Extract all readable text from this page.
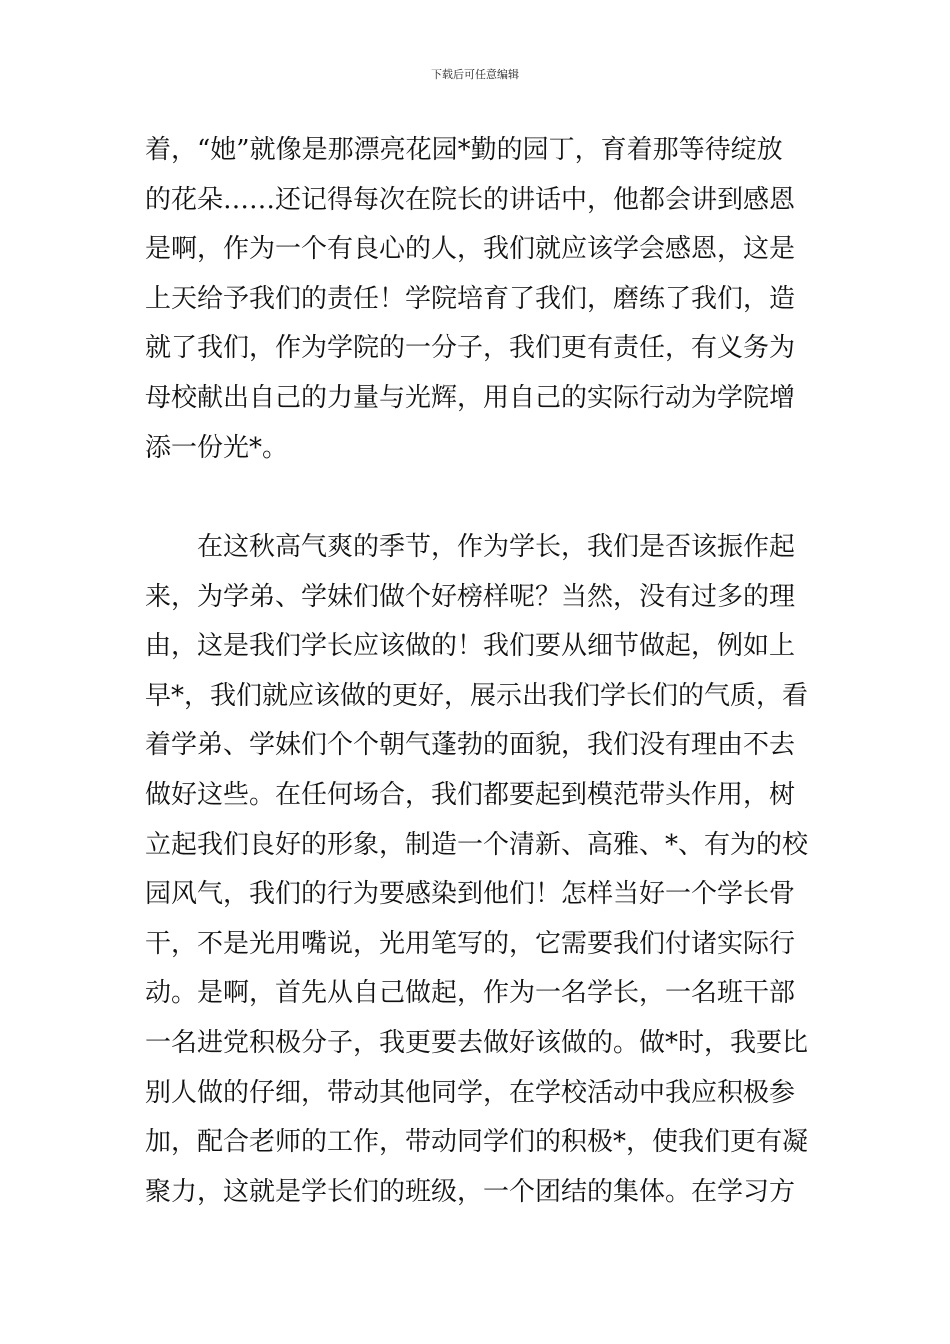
下载后可任意编辑
着，“她”就像是那漂亮花园*勤的园丁，育着那等待绽放
的花朵……还记得每次在院长的讲话中，他都会讲到感恩
是啊，作为一个有良心的人，我们就应该学会感恩，这是
上天给予我们的责任！学院培育了我们，磨练了我们，造
就了我们，作为学院的一分子，我们更有责任，有义务为
母校献出自己的力量与光辉，用自己的实际行动为学院增
添一份光*。
　　在这秋高气爽的季节，作为学长，我们是否该振作起
来，为学弟、学妹们做个好榜样呢？当然，没有过多的理
由，这是我们学长应该做的！我们要从细节做起，例如上
早*，我们就应该做的更好，展示出我们学长们的气质，看
着学弟、学妹们个个朝气蓬勃的面貌，我们没有理由不去
做好这些。在任何场合，我们都要起到模范带头作用，树
立起我们良好的形象，制造一个清新、高雅、*、有为的校
园风气，我们的行为要感染到他们！怎样当好一个学长骨
干，不是光用嘴说，光用笔写的，它需要我们付诸实际行
动。是啊，首先从自己做起，作为一名学长，一名班干部
一名进党积极分子，我更要去做好该做的。做*时，我要比
别人做的仔细，带动其他同学，在学校活动中我应积极参
加，配合老师的工作，带动同学们的积极*，使我们更有凝
聚力，这就是学长们的班级，一个团结的集体。在学习方
